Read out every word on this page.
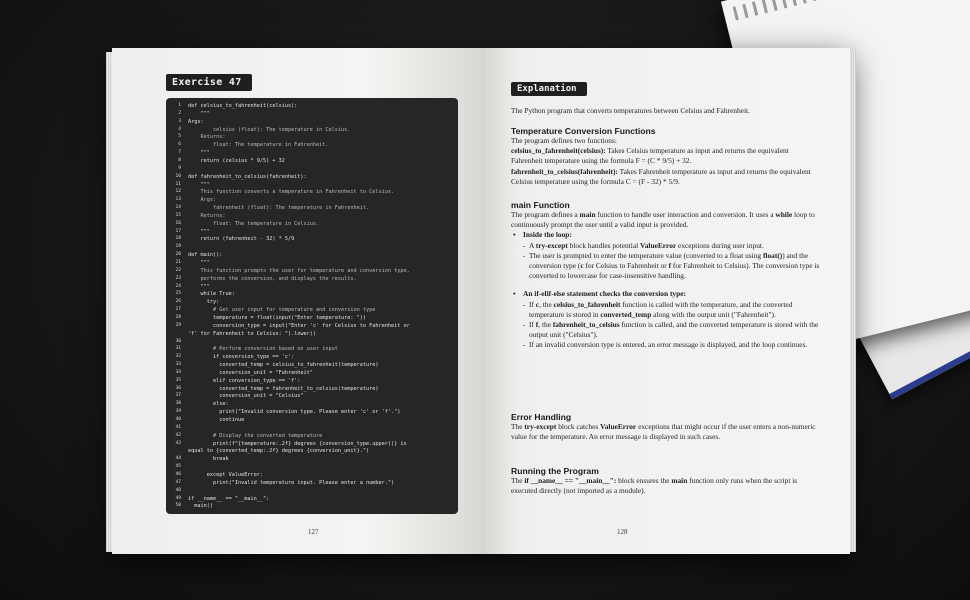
Exercise 47
1 def celsius_to_fahrenheit(celsius):
2 """
3 Args:
4 celsius (float): The temperature in Celsius.
5 Returns:
6 float: The temperature in Fahrenheit.
7 """
8 return (celsius * 9/5) + 32
9
10 def fahrenheit_to_celsius(fahrenheit):
11 """
12 This function converts a temperature in Fahrenheit to Celsius.
13 Args:
14 fahrenheit (float): The temperature in Fahrenheit.
15 Returns:
16 float: The temperature in Celsius.
17 """
18 return (fahrenheit - 32) * 5/9
19
20 def main():
21 """
22 This function prompts the user for temperature and conversion type,
23 performs the conversion, and displays the results.
24 """
25 while True:
26 try:
27 # Get user input for temperature and conversion type
28 temperature = float(input("Enter temperature: "))
29 conversion_type = input("Enter 'c' for Celsius to Fahrenheit or
'f' for Fahrenheit to Celsius: ").lower()
30
31 # Perform conversion based on user input
32 if conversion_type == 'c':
33 converted_temp = celsius_to_fahrenheit(temperature)
34 conversion_unit = "Fahrenheit"
35 elif conversion_type == 'f':
36 converted_temp = fahrenheit_to_celsius(temperature)
37 conversion_unit = "Celsius"
38 else:
39 print("Invalid conversion type. Please enter 'c' or 'f'.")
40 continue
41
42 # Display the converted temperature
43 print(f"{temperature:.2f} degrees {conversion_type.upper()} is
equal to {converted_temp:.2f} degrees {conversion_unit}.")
44 break
45
46 except ValueError:
47 print("Invalid temperature input. Please enter a number.")
48
49 if __name__ == "__main__":
50 main()
127
Explanation

The Python program that converts temperatures between Celsius and Fahrenheit.

Temperature Conversion Functions

The program defines two functions:

celsius_to_fahrenheit(celsius): Takes Celsius temperature as input and returns the equivalent Fahrenheit temperature using the formula F = (C * 9/5) + 32.

fahrenheit_to_celsius(fahrenheit): Takes Fahrenheit temperature as input and returns the equivalent Celsius temperature using the formula C = (F - 32) * 5/9.

main Function

The program defines a main function to handle user interaction and conversion. It uses a while loop to continuously prompt the user until a valid input is provided.

• Inside the loop:
- A try-except block handles potential ValueError exceptions during user input.
- The user is prompted to enter the temperature value (converted to a float using float()) and the conversion type (c for Celsius to Fahrenheit or f for Fahrenheit to Celsius). The conversion type is converted to lowercase for case-insensitive handling.
• An if-elif-else statement checks the conversion type:
- If c, the celsius_to_fahrenheit function is called with the temperature, and the converted temperature is stored in converted_temp along with the output unit ("Fahrenheit").
- If f, the fahrenheit_to_celsius function is called, and the converted temperature is stored with the output unit ("Celsius").
- If an invalid conversion type is entered, an error message is displayed, and the loop continues.
Error Handling

The try-except block catches ValueError exceptions that might occur if the user enters a non-numeric value for the temperature. An error message is displayed in such cases.

Running the Program

The if __name__ == "__main__": block ensures the main function only runs when the script is executed directly (not imported as a module).

128
